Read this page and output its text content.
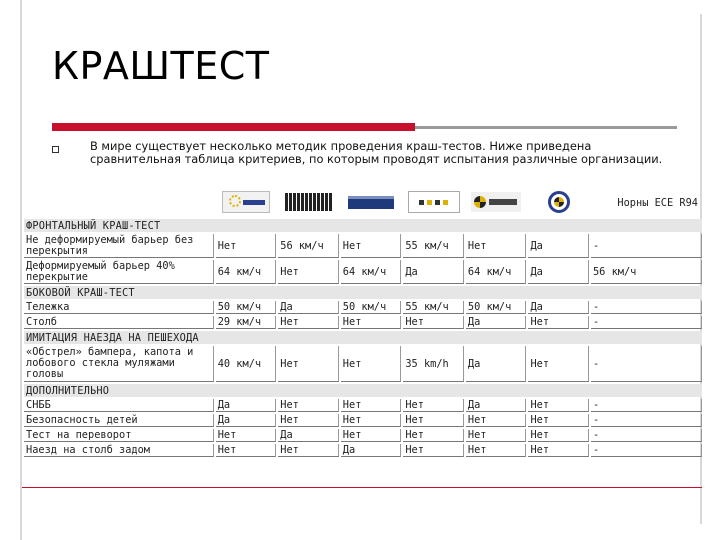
КРАШТЕСТ
В мире существует несколько методик проведения краш-тестов. Ниже приведена сравнительная таблица критериев, по которым проводят испытания различные организации.

	Норны ECE R94
ФРОНТАЛЬНЫЙ КРАШ-ТЕСТ							
Не деформируемый барьер без перекрытия	Нет	56 км/ч	Нет	55 км/ч	Нет	Да	-
Деформируемый барьер 40% перекрытие	64 км/ч	Нет	64 км/ч	Да	64 км/ч	Да	56 км/ч
БОКОВОЙ КРАШ-ТЕСТ							
Тележка	50 км/ч	Да	50 км/ч	55 км/ч	50 км/ч	Да	-
Столб	29 км/ч	Нет	Нет	Нет	Да	Нет	-
ИМИТАЦИЯ НАЕЗДА НА ПЕШЕХОДА							
«Обстрел» бампера, капота и лобового стекла муляжами головы	40 км/ч	Нет	Нет	35 km/h	Да	Нет	-
ДОПОЛНИТЕЛЬНО							
СНББ	Да	Нет	Нет	Нет	Да	Нет	-
Безопасность детей	Да	Нет	Нет	Нет	Нет	Нет	-
Тест на переворот	Нет	Да	Нет	Нет	Нет	Нет	-
Наезд на столб задом	Нет	Нет	Да	Нет	Нет	Нет	-
